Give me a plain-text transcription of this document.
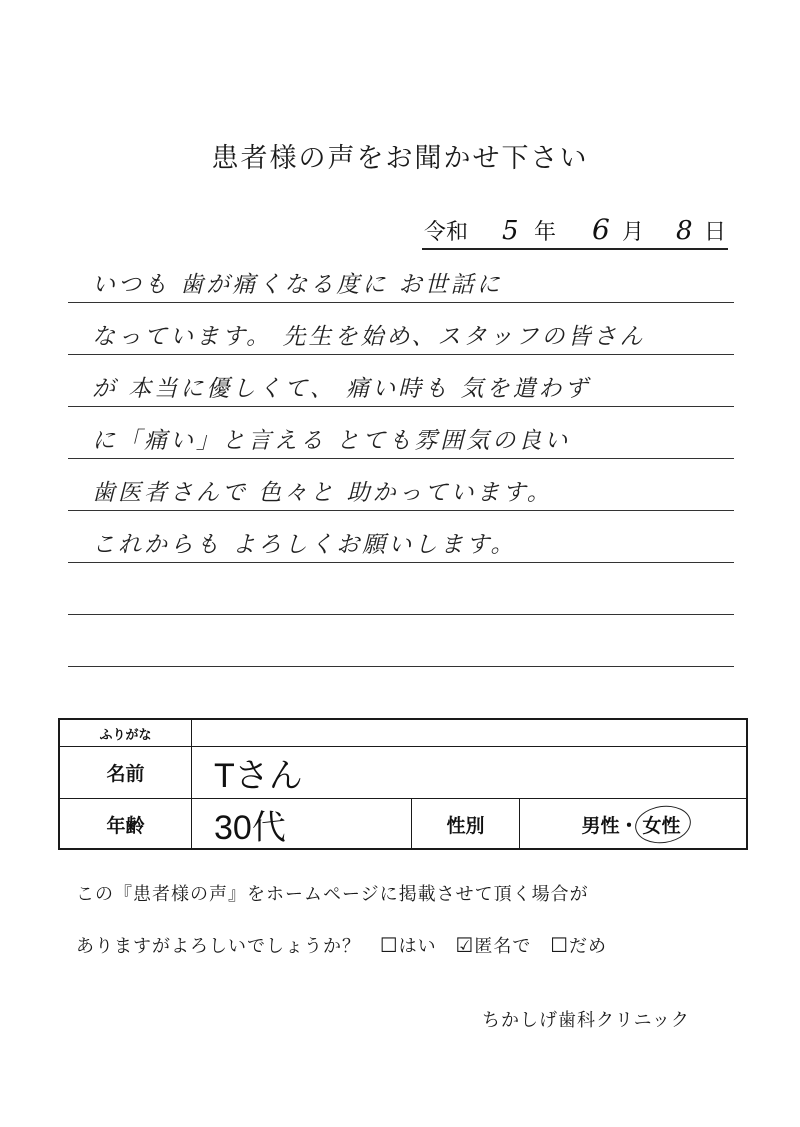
患者様の声をお聞かせ下さい
令和 5 年 6 月 8 日
いつも 歯が痛くなる度に お世話に
なっています。 先生を始め、スタッフの皆さん
が 本当に優しくて、 痛い時も 気を遣わず
に「痛い」と言える とても雰囲気の良い
歯医者さんで 色々と 助かっています。
これからも よろしくお願いします。
ふりがな
名前	Tさん
年齢	30代	性別	男性 ・ 女性
この『患者様の声』をホームページに掲載させて頂く場合が
ありますがよろしいでしょうか？ ☐はい ☑匿名で ☐だめ
ちかしげ歯科クリニック
